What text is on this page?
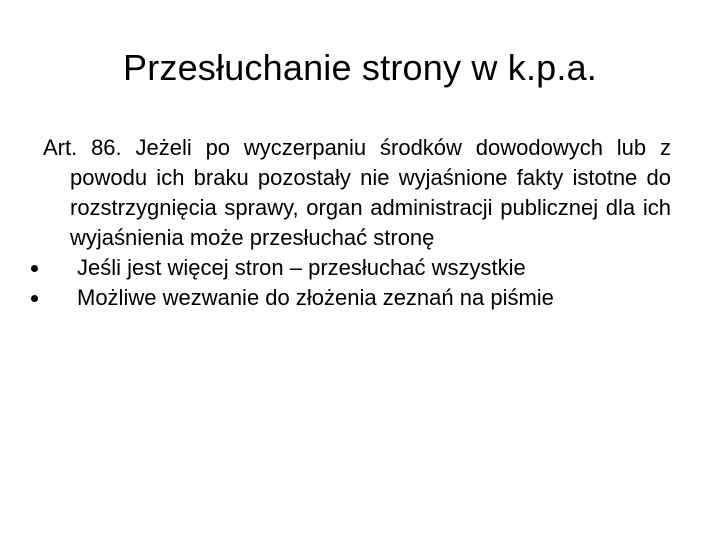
Przesłuchanie strony w k.p.a.

Art. 86. Jeżeli po wyczerpaniu środków dowodowych lub z powodu ich braku pozostały nie wyjaśnione fakty istotne do rozstrzygnięcia sprawy, organ administracji publicznej dla ich wyjaśnienia może przesłuchać stronę

Jeśli jest więcej stron – przesłuchać wszystkie
Możliwe wezwanie do złożenia zeznań na piśmie
